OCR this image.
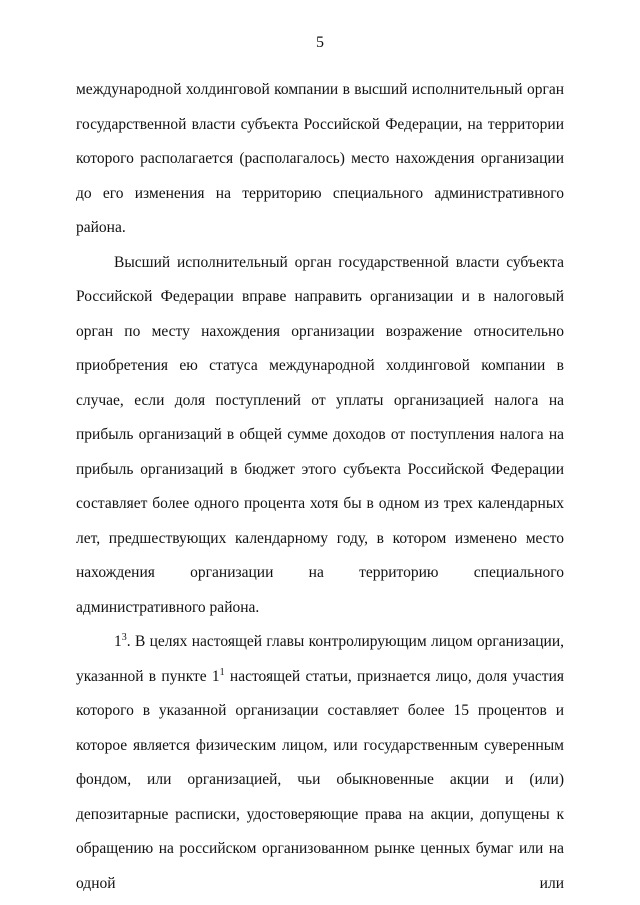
5

международной холдинговой компании в высший исполнительный орган государственной власти субъекта Российской Федерации, на территории которого располагается (располагалось) место нахождения организации до его изменения на территорию специального административного района.

Высший исполнительный орган государственной власти субъекта Российской Федерации вправе направить организации и в налоговый орган по месту нахождения организации возражение относительно приобретения ею статуса международной холдинговой компании в случае, если доля поступлений от уплаты организацией налога на прибыль организаций в общей сумме доходов от поступления налога на прибыль организаций в бюджет этого субъекта Российской Федерации составляет более одного процента хотя бы в одном из трех календарных лет, предшествующих календарному году, в котором изменено место нахождения организации на территорию специального административного района.

$1^3$. В целях настоящей главы контролирующим лицом организации, указанной в пункте $1^1$ настоящей статьи, признается лицо, доля участия которого в указанной организации составляет более 15 процентов и которое является физическим лицом, или государственным суверенным фондом, или организацией, чьи обыкновенные акции и (или) депозитарные расписки, удостоверяющие права на акции, допущены к обращению на российском организованном рынке ценных бумаг или на одной или
